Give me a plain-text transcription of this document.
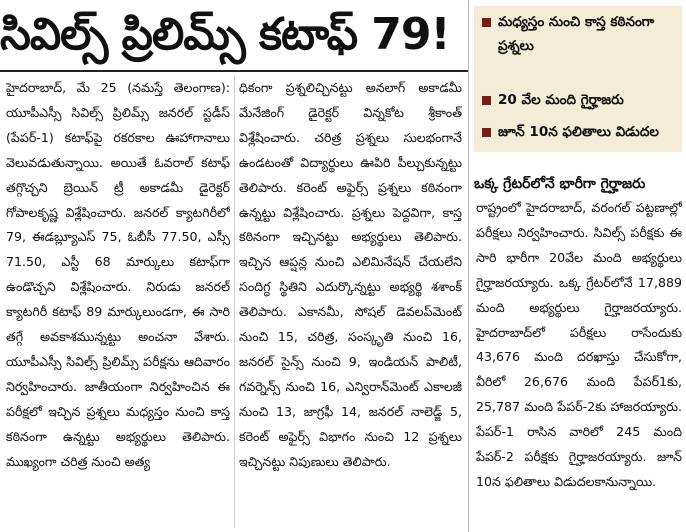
సివిల్స్ ప్రిలిమ్స్ కటాఫ్ 79!
హైదరాబాద్, మే 25 (నమస్తే తెలంగాణ): యూపీఎస్సీ సివిల్స్ ప్రిలిమ్స్ జనరల్ స్టడీస్ (పేపర్-1) కటాఫ్‌పై రకరకాల ఊహాగానాలు వెలువడుతున్నాయి. అయితే ఓవరాల్ కటాఫ్ తగ్గొచ్చని బ్రెయిన్ ట్రీ అకాడమీ డైరెక్టర్ గోపాలకృష్ణ విశ్లేషించారు. జనరల్ క్యాటగిరీలో 79, ఈడబ్ల్యూఎస్ 75, ఓబీసీ 77.50, ఎస్సీ 71.50, ఎస్టీ 68 మార్కులు కటాఫ్‌గా ఉండొచ్చని విశ్లేషించారు. నిరుడు జనరల్ క్యాటగిరీ కటాఫ్ 89 మార్కులుండగా, ఈ సారి తగ్గే అవకాశమున్నట్టు అంచనా వేశారు. యూపీఎస్సీ సివిల్స్ ప్రిలిమ్స్ పరీక్షను ఆదివారం నిర్వహించారు. జాతీయంగా నిర్వహించిన ఈ పరీక్షలో ఇచ్చిన ప్రశ్నలు మధ్యస్తం నుంచి కాస్త కఠినంగా ఉన్నట్టు అభ్యర్థులు తెలిపారు. ముఖ్యంగా చరిత్ర నుంచి అత్య
ధికంగా ప్రశ్నలిచ్చినట్టు అనలాగ్ అకాడమీ మేనేజింగ్ డైరెక్టర్ విన్నకోట శ్రీకాంత్ విశ్లేషించారు. చరిత్ర ప్రశ్నలు సులభంగానే ఉండటంతో విద్యార్థులు ఊపిరి పీల్చుకున్నట్టు తెలిపారు. కరెంట్ అఫైర్స్ ప్రశ్నలు కఠినంగా ఉన్నట్టు విశ్లేషించారు. ప్రశ్నలు పెద్దవిగా, కాస్త కఠినంగా ఇచ్చినట్టు అభ్యర్థులు తెలిపారు. ఇచ్చిన ఆప్షన్ల నుంచి ఎలిమినేషన్ చేయలేని సందిగ్ధ స్థితిని ఎదుర్కొన్నట్టు అభ్యర్థి శశాంక్ తెలిపారు. ఎకానమీ, సోషల్ డెవలప్‌మెంట్ నుంచి 15, చరిత్ర, సంస్కృతి నుంచి 16, జనరల్ సైన్స్ నుంచి 9, ఇండియన్ పాలిటీ, గవర్నెన్స్ నుంచి 16, ఎన్విరాన్‌మెంట్ ఎకాలజీ నుంచి 13, జాగ్రఫీ 14, జనరల్ నాలెడ్జ్ 5, కరెంట్ అఫైర్స్ విభాగం నుంచి 12 ప్రశ్నలు ఇచ్చినట్టు నిపుణులు తెలిపారు.
మధ్యస్తం నుంచి కాస్త కఠినంగా ప్రశ్నలు
20 వేల మంది గైర్హాజరు
జూన్ 10న ఫలితాలు విడుదల
ఒక్క గ్రేటర్‌లోనే భారీగా గైర్హాజరు
రాష్ట్రంలో హైదరాబాద్, వరంగల్ పట్టణాల్లో పరీక్షలు నిర్వహించారు. సివిల్స్ పరీక్షకు ఈ సారి భారీగా 20వేల మంది అభ్యర్థులు గైర్హాజరయ్యారు. ఒక్క గ్రేటర్‌లోనే 17,889 మంది అభ్యర్థులు గైర్హాజరయ్యారు. హైదరాబాద్‌లో పరీక్షలు రాసేందుకు 43,676 మంది దరఖాస్తు చేసుకోగా, వీరిలో 26,676 మంది పేపర్1కు, 25,787 మంది పేపర్-2కు హాజరయ్యారు. పేపర్-1 రాసిన వారిలో 245 మంది పేపర్-2 పరీక్షకు గైర్హాజరయ్యారు. జూన్ 10న ఫలితాలు విడుదలకానున్నాయి.
